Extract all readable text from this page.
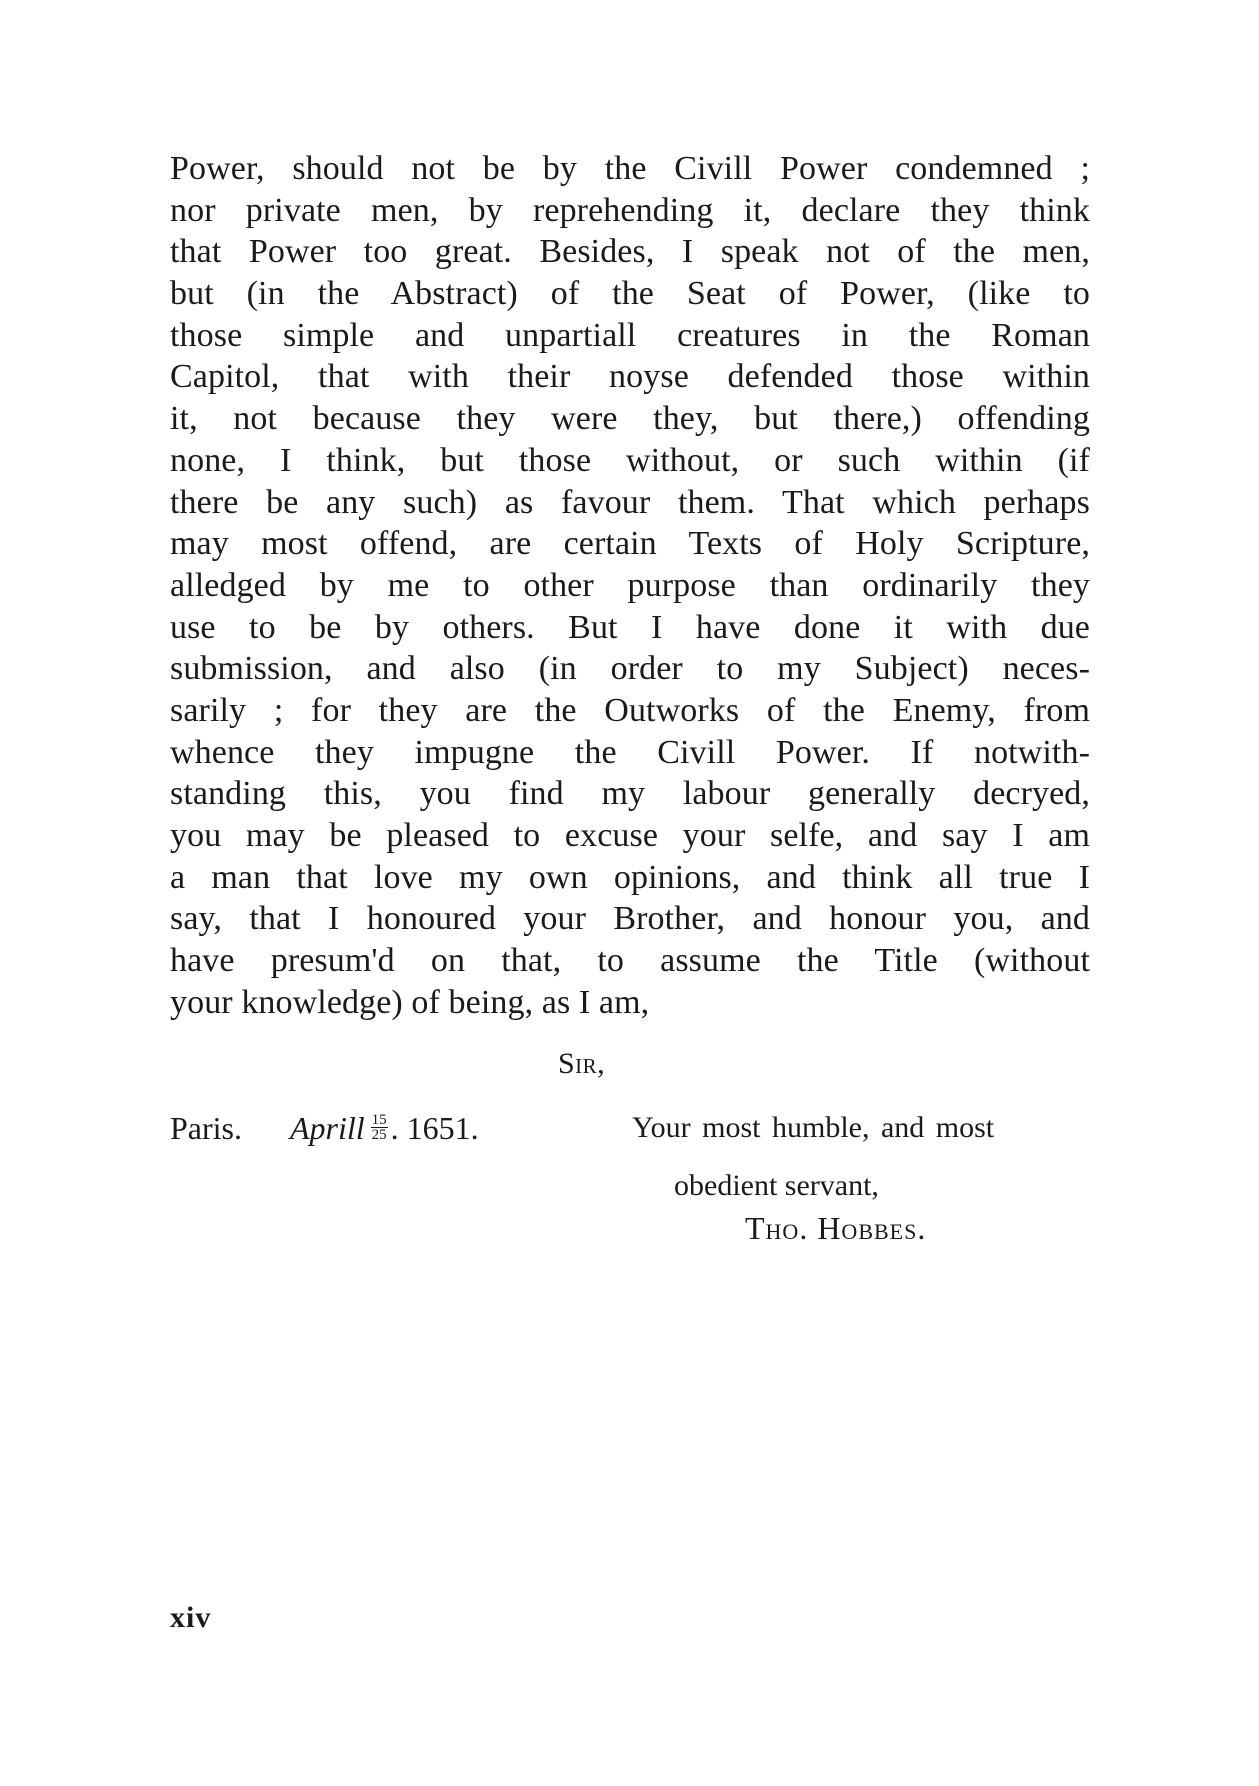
Power, should not be by the Civill Power condemned ;
nor private men, by reprehending it, declare they think
that Power too great. Besides, I speak not of the men,
but (in the Abstract) of the Seat of Power, (like to
those simple and unpartiall creatures in the Roman
Capitol, that with their noyse defended those within
it, not because they were they, but there,) offending
none, I think, but those without, or such within (if
there be any such) as favour them. That which perhaps
may most offend, are certain Texts of Holy Scripture,
alledged by me to other purpose than ordinarily they
use to be by others. But I have done it with due
submission, and also (in order to my Subject) neces-
sarily ; for they are the Outworks of the Enemy, from
whence they impugne the Civill Power. If notwith-
standing this, you find my labour generally decryed,
you may be pleased to excuse your selfe, and say I am
a man that love my own opinions, and think all true I
say, that I honoured your Brother, and honour you, and
have presum'd on that, to assume the Title (without
your knowledge) of being, as I am,
Sir,
Paris. Aprill $\frac{15}{25}$ . 1651.	Your most humble, and most
obedient servant,
Tho. Hobbes.
xiv
